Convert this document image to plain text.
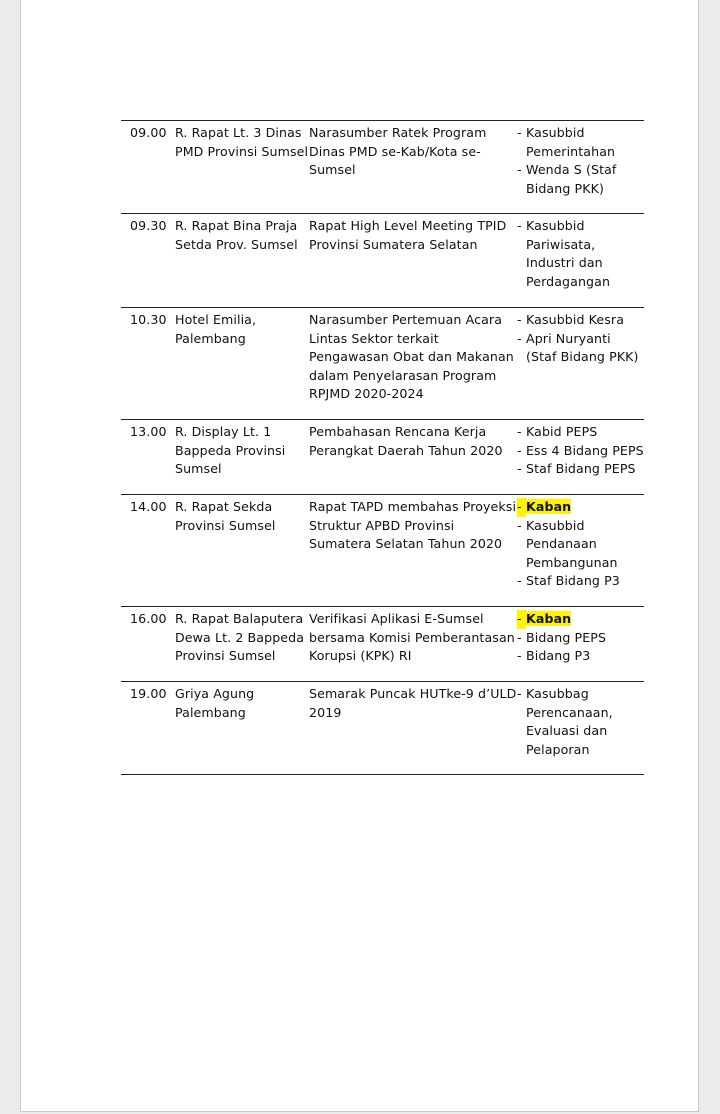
09.00 R. Rapat Lt. 3 Dinas PMD Provinsi Sumsel
Narasumber Ratek Program Dinas PMD se-Kab/Kota se-Sumsel
- Kasubbid Pemerintahan
- Wenda S (Staf Bidang PKK)
09.30 R. Rapat Bina Praja Setda Prov. Sumsel
Rapat High Level Meeting TPID Provinsi Sumatera Selatan
- Kasubbid Pariwisata, Industri dan Perdagangan
10.30 Hotel Emilia, Palembang
Narasumber Pertemuan Acara Lintas Sektor terkait Pengawasan Obat dan Makanan dalam Penyelarasan Program RPJMD 2020-2024
- Kasubbid Kesra
- Apri Nuryanti (Staf Bidang PKK)
13.00 R. Display Lt. 1 Bappeda Provinsi Sumsel
Pembahasan Rencana Kerja Perangkat Daerah Tahun 2020
- Kabid PEPS
- Ess 4 Bidang PEPS
- Staf Bidang PEPS
14.00 R. Rapat Sekda Provinsi Sumsel
Rapat TAPD membahas Proyeksi Struktur APBD Provinsi Sumatera Selatan Tahun 2020
- Kaban
- Kasubbid Pendanaan Pembangunan
- Staf Bidang P3
16.00 R. Rapat Balaputera Dewa Lt. 2 Bappeda Provinsi Sumsel
Verifikasi Aplikasi E-Sumsel bersama Komisi Pemberantasan Korupsi (KPK) RI
- Kaban
- Bidang PEPS
- Bidang P3
19.00 Griya Agung Palembang
Semarak Puncak HUTke-9 d’ULD 2019
- Kasubbag Perencanaan, Evaluasi dan Pelaporan
